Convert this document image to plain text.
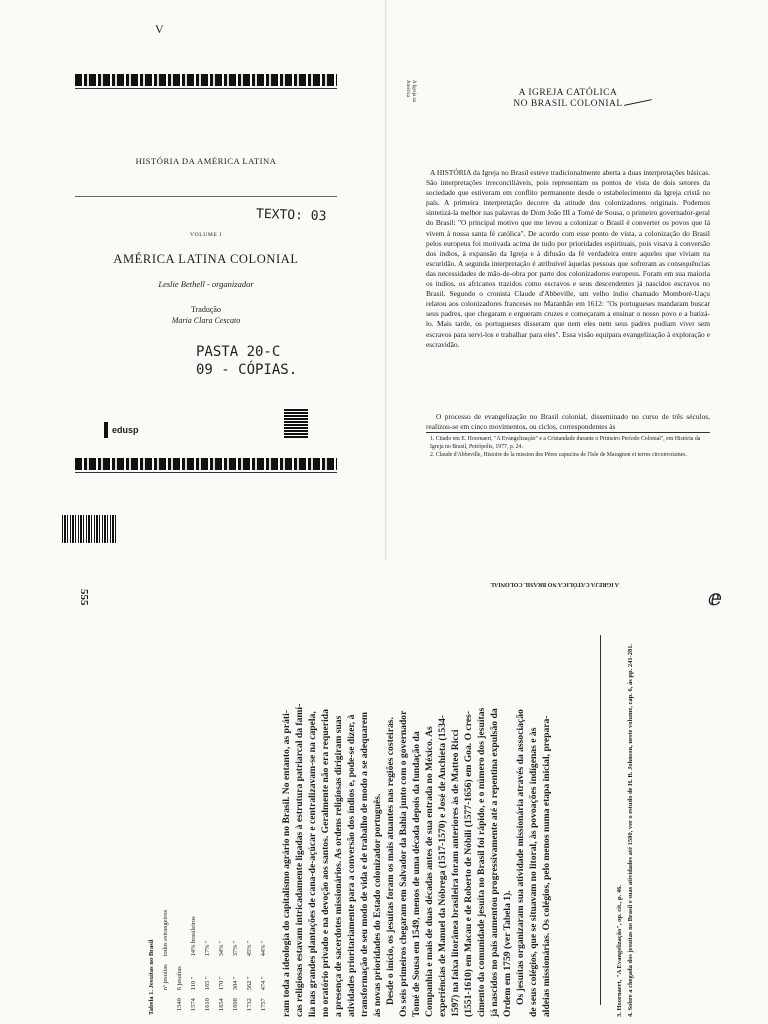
V
HISTÓRIA DA AMÉRICA LATINA
TEXTO: 03
VOLUME I
AMÉRICA LATINA COLONIAL
Leslie Bethell - organizador
Tradução
Maria Clara Cescato
PASTA 20-C
09 - CÓPIAS.
edusp
A Igreja na América	A IGREJA CATÓLICA
NO BRASIL COLONIAL
A HISTÓRIA da Igreja no Brasil esteve tradicionalmente aberta a duas interpretações básicas. São interpretações irreconciliáveis, pois representam os pontos de vista de dois setores da sociedade que estiveram em conflito permanente desde o estabelecimento da Igreja cristã no país. A primeira interpretação decorre da atitude dos colonizadores originais. Podemos sintetizá-la melhor nas palavras de Dom João III a Tomé de Sousa, o primeiro governador-geral do Brasil: "O principal motivo que me levou a colonizar o Brasil é converter os povos que lá vivem à nossa santa fé católica". De acordo com esse ponto de vista, a colonização do Brasil pelos europeus foi motivada acima de tudo por prioridades espirituais, pois visava à conversão dos índios, à expansão da Igreja e à difusão da fé verdadeira entre aqueles que viviam na escuridão. A segunda interpretação é atribuível àquelas pessoas que sofreram as consequências das necessidades de mão-de-obra por parte dos colonizadores europeus. Foram em sua maioria os índios, os africanos trazidos como escravos e seus descendentes já nascidos escravos no Brasil. Segundo o cronista Claude d'Abbeville, um velho índio chamado Momboré-Uaçu relatou aos colonizadores franceses no Maranhão em 1612: "Os portugueses mandaram buscar seus padres, que chegaram e ergueram cruzes e começaram a ensinar o nosso povo e a batizá-lo. Mais tarde, os portugueses disseram que nem eles nem seus padres podiam viver sem escravos para servi-los e trabalhar para eles". Essa visão equipara evangelização à exploração e escravidão.
O processo de evangelização no Brasil colonial, disseminado no curso de três séculos, realizou-se em cinco movimentos, ou ciclos, correspondentes às
1. Citado em E. Hoornaert, "A Evangelização" e a Cristandade durante o Primeiro Período Colonial", em História da Igreja no Brasil, Petrópolis, 1977, p. 24.
2. Claude d'Abbeville, Histoire de la mission des Pères capucins de l'Isle de Maragnon et terres circonvoisines.
A IGREJA CATÓLICA NO BRASIL COLONIAL
ⅇ
555
Tabela 1. Jesuítas no Brasil
	nº jesuítas	todos estrangeiros
1540	6 jesuítas	
1574	110 "	14% brasileiros
1610	165 "	17% "
1654	170 "	34% "
1698	304 "	37% "
1732	562 "	45% "
1757	474 "	44% " ram toda a ideologia do capitalismo agrário no Brasil. No entanto, as práti- cas religiosas estavam intricadamente ligadas à estrutura patriarcal da famí- lia nas grandes plantações de cana-de-açúcar e centralizavam-se na capela, no oratório privado e na devoção aos santos. Geralmente não era requerida a presença de sacerdotes missionários. As ordens religiosas dirigiram suas atividades prioritariamente para a conversão dos índios e, pode-se dizer, à transformação de seu modo de vida e de trabalho de modo a se adequarem às novas prioridades do Estado colonizador português. Desde o início, os jesuítas foram os mais atuantes nas regiões costeiras. Os seis primeiros chegaram em Salvador da Bahia junto com o governador Tomé de Sousa em 1549, menos de uma década depois da fundação da Companhia e mais de duas décadas antes de sua entrada no México. As experiências de Manuel da Nóbrega (1517-1570) e José de Anchieta (1534- 1597) na faixa litorânea brasileira foram anteriores às de Matteo Ricci (1551-1610) em Macau e de Roberto de Nóbili (1577-1656) em Goa. O cres- cimento da comunidade jesuíta no Brasil foi rápido, e o número dos jesuítas já nascidos no país aumentou progressivamente até a repentina expulsão da Ordem em 1759 (ver Tabela 1). Os jesuítas organizaram sua atividade missionária através da associação de seus colégios, que se situavam no litoral, às povoações indígenas e às aldeias missionárias. Os colégios, pelo menos numa etapa inicial, prepara-	3. Hoornaert, "A Evangelização", op. cit., p. 46. 4. Sobre a chegada dos jesuítas no Brasil e suas atividades até 1580, ver o estudo de H. B. Johnson, neste volume, cap. 6, às pp. 241-281.
